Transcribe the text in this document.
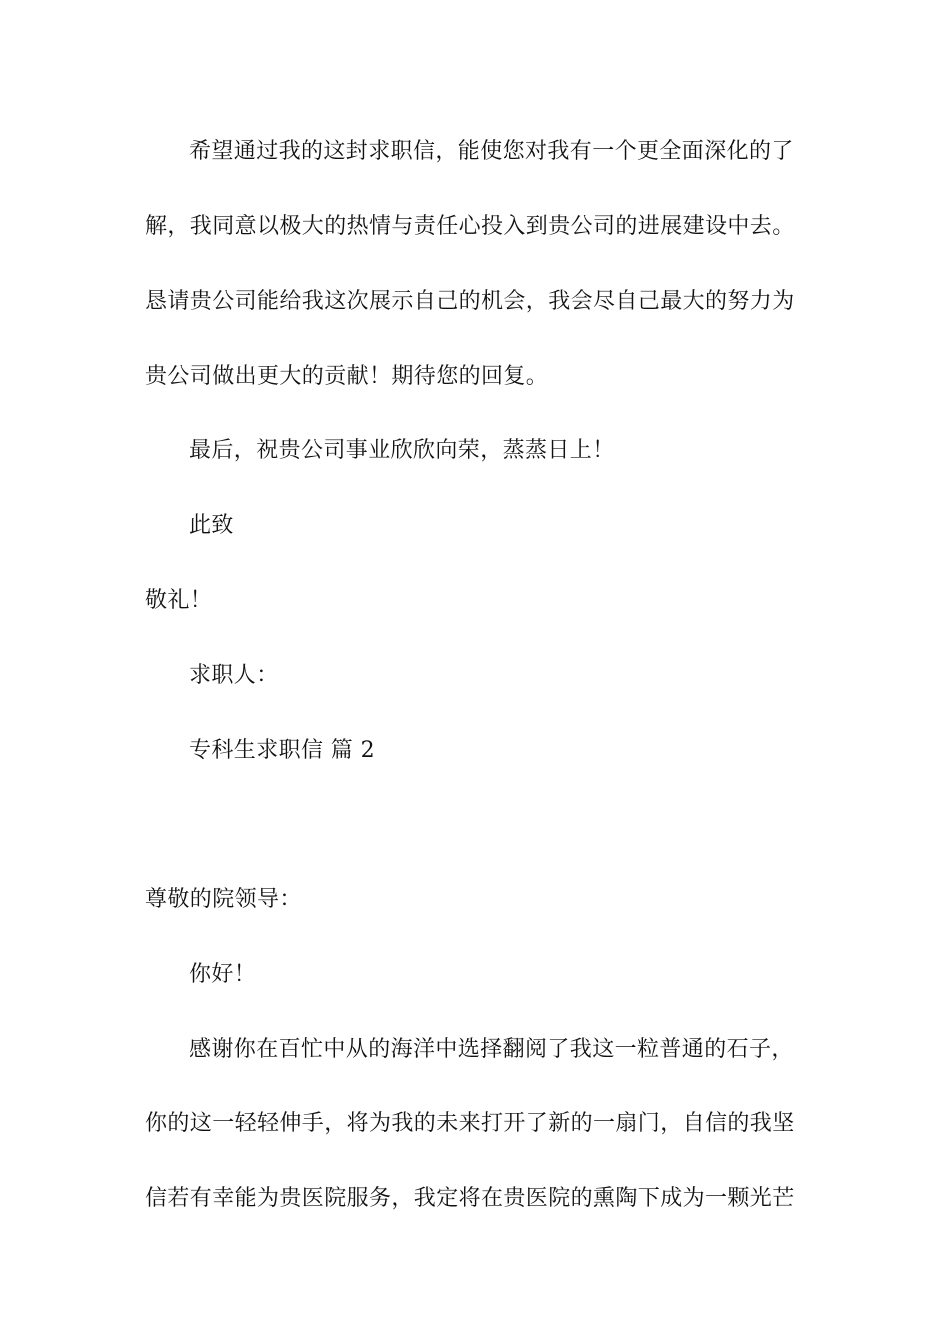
希望通过我的这封求职信，能使您对我有一个更全面深化的了
解，我同意以极大的热情与责任心投入到贵公司的进展建设中去。
恳请贵公司能给我这次展示自己的机会，我会尽自己最大的努力为
贵公司做出更大的贡献！期待您的回复。
最后，祝贵公司事业欣欣向荣，蒸蒸日上！
此致
敬礼！
求职人：
专科生求职信 篇 2
尊敬的院领导：
你好！
感谢你在百忙中从的海洋中选择翻阅了我这一粒普通的石子，
你的这一轻轻伸手，将为我的未来打开了新的一扇门，自信的我坚
信若有幸能为贵医院服务，我定将在贵医院的熏陶下成为一颗光芒
